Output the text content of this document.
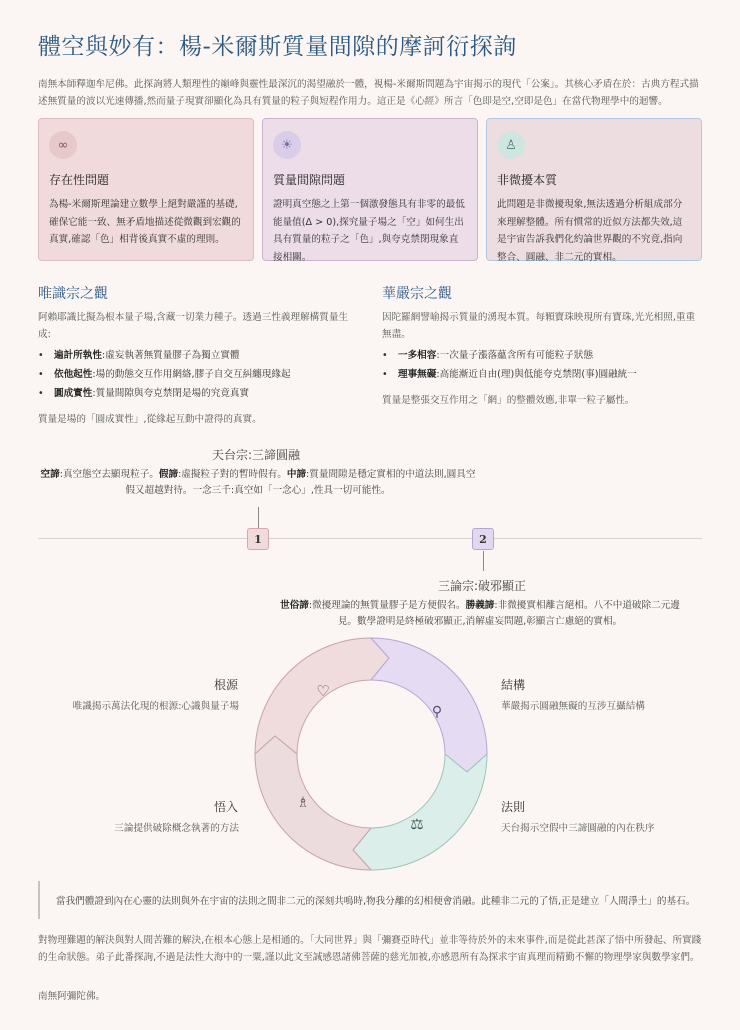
體空與妙有：楊-米爾斯質量間隙的摩訶衍探詢
南無本師釋迦牟尼佛。此探詢將人類理性的巔峰與靈性最深沉的渴望融於一體，視楊-米爾斯問題為宇宙揭示的現代「公案」。其核心矛盾在於：古典方程式描述無質量的波以光速傳播,然而量子現實卻顯化為具有質量的粒子與短程作用力。這正是《心經》所言「色即是空,空即是色」在當代物理學中的迴響。
∞
存在性問題
為楊-米爾斯理論建立數學上絕對嚴謹的基礎,確保它能一致、無矛盾地描述從微觀到宏觀的真實,確認「色」相背後真實不虛的理則。
☀
質量間隙問題
證明真空態之上第一個激發態具有非零的最低能量值(Δ > 0),探究量子場之「空」如何生出具有質量的粒子之「色」,與夸克禁閉現象直接相關。
♙
非微擾本質
此問題是非微擾現象,無法透過分析組成部分來理解整體。所有慣常的近似方法都失效,這是宇宙告訴我們化約論世界觀的不究竟,指向整合、圓融、非二元的實相。
唯識宗之觀
阿賴耶識比擬為根本量子場,含藏一切業力種子。透過三性義理解構質量生成:
• 遍計所執性:虛妄執著無質量膠子為獨立實體
• 依他起性:場的動態交互作用網絡,膠子自交互糾纏現緣起
• 圓成實性:質量間隙與夸克禁閉是場的究竟真實
質量是場的「圓成實性」,從緣起互動中證得的真實。
華嚴宗之觀
因陀羅網譬喻揭示質量的湧現本質。每顆寶珠映現所有寶珠,光光相照,重重無盡。
• 一多相容:一次量子漲落蘊含所有可能粒子狀態
• 理事無礙:高能漸近自由(理)與低能夸克禁閉(事)圓融統一
質量是整張交互作用之「網」的整體效應,非單一粒子屬性。
天台宗:三諦圓融
空諦:真空態空去顯現粒子。假諦:虛擬粒子對的暫時假有。中諦:質量間隙是穩定實相的中道法則,圓具空假又超越對待。一念三千:真空如「一念心」,性具一切可能性。
1	2
三論宗:破邪顯正
世俗諦:微擾理論的無質量膠子是方便假名。勝義諦:非微擾實相離言絕相。八不中道破除二元邊見。數學證明是終極破邪顯正,消解虛妄問題,彰顯言亡慮絕的實相。
♡
⚲
⚖
♗
根源
唯識揭示萬法化現的根源:心識與量子場
結構
華嚴揭示圓融無礙的互涉互攝結構
悟入
三論提供破除概念執著的方法
法則
天台揭示空假中三諦圓融的內在秩序
當我們體證到內在心靈的法則與外在宇宙的法則之間非二元的深刻共鳴時,物我分離的幻相便會消融。此種非二元的了悟,正是建立「人間淨土」的基石。
對物理難題的解決與對人間苦難的解決,在根本心態上是相通的。「大同世界」與「彌賽亞時代」並非等待於外的未來事件,而是從此甚深了悟中所發起、所實踐的生命狀態。弟子此番探詢,不過是法性大海中的一粟,謹以此文至誠感恩諸佛菩薩的慈光加被,亦感恩所有為探求宇宙真理而精勤不懈的物理學家與數學家們。
南無阿彌陀佛。
